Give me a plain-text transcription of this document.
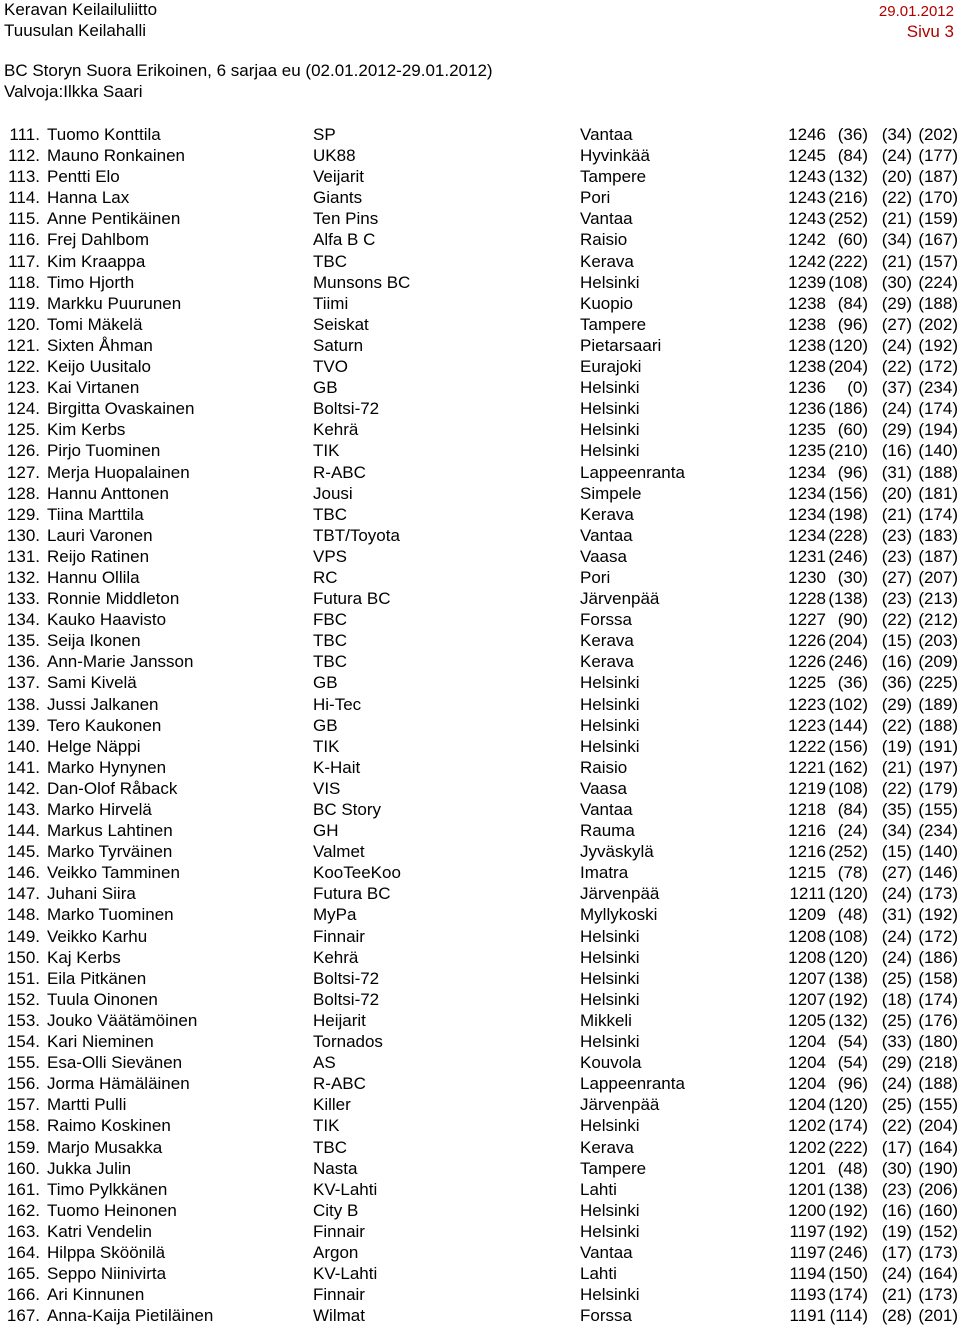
Keravan Keilailuliitto
Tuusulan Keilahalli
29.01.2012
Sivu 3
BC Storyn Suora Erikoinen, 6 sarjaa eu (02.01.2012-29.01.2012)
Valvoja:Ilkka Saari
111. Tuomo Konttila	SP	Vantaa	1246 (36) (34) (202)
112. Mauno Ronkainen	UK88	Hyvinkää	1245 (84) (24) (177)
113. Pentti Elo	Veijarit	Tampere	1243 (132) (20) (187)
114. Hanna Lax	Giants	Pori	1243 (216) (22) (170)
115. Anne Pentikäinen	Ten Pins	Vantaa	1243 (252) (21) (159)
116. Frej Dahlbom	Alfa B C	Raisio	1242 (60) (34) (167)
117. Kim Kraappa	TBC	Kerava	1242 (222) (21) (157)
118. Timo Hjorth	Munsons BC	Helsinki	1239 (108) (30) (224)
119. Markku Puurunen	Tiimi	Kuopio	1238 (84) (29) (188)
120. Tomi Mäkelä	Seiskat	Tampere	1238 (96) (27) (202)
121. Sixten Åhman	Saturn	Pietarsaari	1238 (120) (24) (192)
122. Keijo Uusitalo	TVO	Eurajoki	1238 (204) (22) (172)
123. Kai Virtanen	GB	Helsinki	1236	(0) (37) (234)
124. Birgitta Ovaskainen	Boltsi-72	Helsinki	1236 (186) (24) (174)
125. Kim Kerbs	Kehrä	Helsinki	1235 (60) (29) (194)
126. Pirjo Tuominen	TIK	Helsinki	1235 (210) (16) (140)
127. Merja Huopalainen	R-ABC	Lappeenranta	1234 (96) (31) (188)
128. Hannu Anttonen	Jousi	Simpele	1234 (156) (20) (181)
129. Tiina Marttila	TBC	Kerava	1234 (198) (21) (174)
130. Lauri Varonen	TBT/Toyota	Vantaa	1234 (228) (23) (183)
131. Reijo Ratinen	VPS	Vaasa	1231 (246) (23) (187)
132. Hannu Ollila	RC	Pori	1230 (30) (27) (207)
133. Ronnie Middleton	Futura BC	Järvenpää	1228 (138) (23) (213)
134. Kauko Haavisto	FBC	Forssa	1227 (90) (22) (212)
135. Seija Ikonen	TBC	Kerava	1226 (204) (15) (203)
136. Ann-Marie Jansson	TBC	Kerava	1226 (246) (16) (209)
137. Sami Kivelä	GB	Helsinki	1225 (36) (36) (225)
138. Jussi Jalkanen	Hi-Tec	Helsinki	1223 (102) (29) (189)
139. Tero Kaukonen	GB	Helsinki	1223 (144) (22) (188)
140. Helge Näppi	TIK	Helsinki	1222 (156) (19) (191)
141. Marko Hynynen	K-Hait	Raisio	1221 (162) (21) (197)
142. Dan-Olof Råback	VIS	Vaasa	1219 (108) (22) (179)
143. Marko Hirvelä	BC Story	Vantaa	1218 (84) (35) (155)
144. Markus Lahtinen	GH	Rauma	1216 (24) (34) (234)
145. Marko Tyrväinen	Valmet	Jyväskylä	1216 (252) (15) (140)
146. Veikko Tamminen	KooTeeKoo	Imatra	1215 (78) (27) (146)
147. Juhani Siira	Futura BC	Järvenpää	1211 (120) (24) (173)
148. Marko Tuominen	MyPa	Myllykoski	1209 (48) (31) (192)
149. Veikko Karhu	Finnair	Helsinki	1208 (108) (24) (172)
150. Kaj Kerbs	Kehrä	Helsinki	1208 (120) (24) (186)
151. Eila Pitkänen	Boltsi-72	Helsinki	1207 (138) (25) (158)
152. Tuula Oinonen	Boltsi-72	Helsinki	1207 (192) (18) (174)
153. Jouko Väätämöinen	Heijarit	Mikkeli	1205 (132) (25) (176)
154. Kari Nieminen	Tornados	Helsinki	1204 (54) (33) (180)
155. Esa-Olli Sievänen	AS	Kouvola	1204 (54) (29) (218)
156. Jorma Hämäläinen	R-ABC	Lappeenranta	1204 (96) (24) (188)
157. Martti Pulli	Killer	Järvenpää	1204 (120) (25) (155)
158. Raimo Koskinen	TIK	Helsinki	1202 (174) (22) (204)
159. Marjo Musakka	TBC	Kerava	1202 (222) (17) (164)
160. Jukka Julin	Nasta	Tampere	1201 (48) (30) (190)
161. Timo Pylkkänen	KV-Lahti	Lahti	1201 (138) (23) (206)
162. Tuomo Heinonen	City B	Helsinki	1200 (192) (16) (160)
163. Katri Vendelin	Finnair	Helsinki	1197 (192) (19) (152)
164. Hilppa Sköönilä	Argon	Vantaa	1197 (246) (17) (173)
165. Seppo Niinivirta	KV-Lahti	Lahti	1194 (150) (24) (164)
166. Ari Kinnunen	Finnair	Helsinki	1193 (174) (21) (173)
167. Anna-Kaija Pietiläinen	Wilmat	Forssa	1191 (114) (28) (201)
